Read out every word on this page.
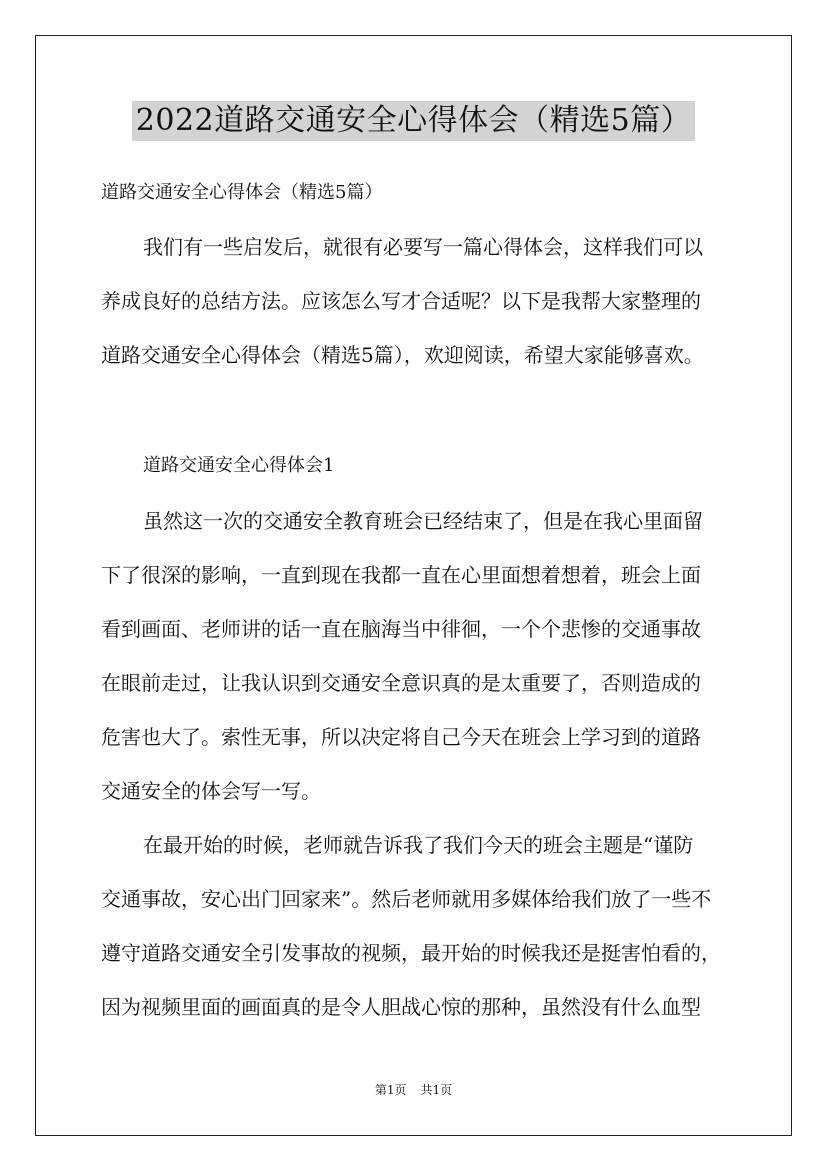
2022道路交通安全心得体会（精选5篇）
道路交通安全心得体会（精选5篇）
我们有一些启发后，就很有必要写一篇心得体会，这样我们可以
养成良好的总结方法。应该怎么写才合适呢？以下是我帮大家整理的
道路交通安全心得体会（精选5篇），欢迎阅读，希望大家能够喜欢。
道路交通安全心得体会1
虽然这一次的交通安全教育班会已经结束了，但是在我心里面留
下了很深的影响，一直到现在我都一直在心里面想着想着，班会上面
看到画面、老师讲的话一直在脑海当中徘徊，一个个悲惨的交通事故
在眼前走过，让我认识到交通安全意识真的是太重要了，否则造成的
危害也大了。索性无事，所以决定将自己今天在班会上学习到的道路
交通安全的体会写一写。
在最开始的时候，老师就告诉我了我们今天的班会主题是“谨防
交通事故，安心出门回家来”。然后老师就用多媒体给我们放了一些不
遵守道路交通安全引发事故的视频，最开始的时候我还是挺害怕看的，
因为视频里面的画面真的是令人胆战心惊的那种，虽然没有什么血型
第1页 共1页
